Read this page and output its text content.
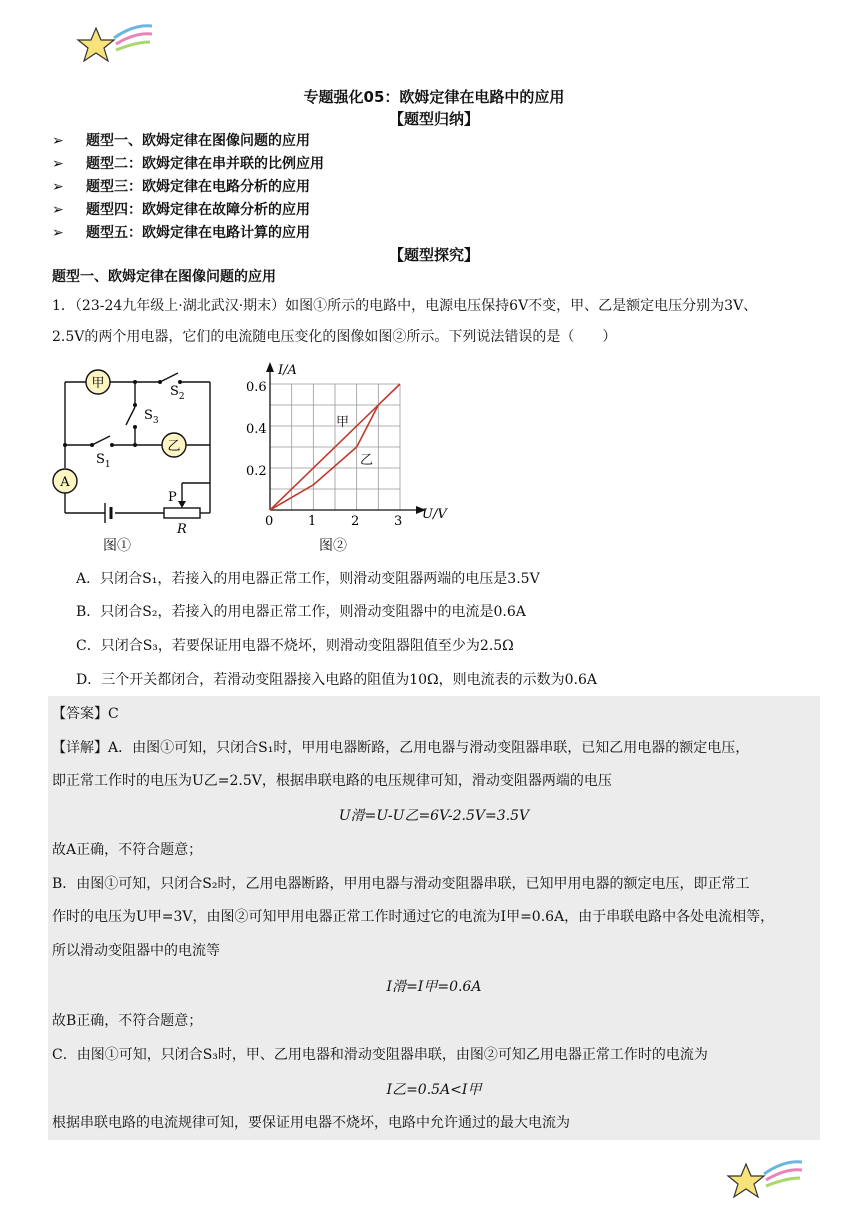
专题强化05：欧姆定律在电路中的应用
【题型归纳】
➢ 题型一、欧姆定律在图像问题的应用
➢ 题型二：欧姆定律在串并联的比例应用
➢ 题型三：欧姆定律在电路分析的应用
➢ 题型四：欧姆定律在故障分析的应用
➢ 题型五：欧姆定律在电路计算的应用
【题型探究】
题型一、欧姆定律在图像问题的应用
1．（23-24九年级上·湖北武汉·期末）如图①所示的电路中，电源电压保持6V不变，甲、乙是额定电压分别为3V、
2.5V的两个用电器，它们的电流随电压变化的图像如图②所示。下列说法错误的是（　　）
甲
乙
A
$S_2$
$S_3$
$S_1$
P
R
图①
I/A
U/V
0.6
0.4
0.2
0	1	2	3
甲
乙
图②
A．只闭合S₁，若接入的用电器正常工作，则滑动变阻器两端的电压是3.5V
B．只闭合S₂，若接入的用电器正常工作，则滑动变阻器中的电流是0.6A
C．只闭合S₃，若要保证用电器不烧坏，则滑动变阻器阻值至少为2.5Ω
D．三个开关都闭合，若滑动变阻器接入电路的阻值为10Ω，则电流表的示数为0.6A
【答案】C
【详解】A．由图①可知，只闭合S₁时，甲用电器断路，乙用电器与滑动变阻器串联，已知乙用电器的额定电压，
即正常工作时的电压为U乙=2.5V，根据串联电路的电压规律可知，滑动变阻器两端的电压
U滑=U-U乙=6V-2.5V=3.5V
故A正确，不符合题意；
B．由图①可知，只闭合S₂时，乙用电器断路，甲用电器与滑动变阻器串联，已知甲用电器的额定电压，即正常工
作时的电压为U甲=3V，由图②可知甲用电器正常工作时通过它的电流为I甲=0.6A，由于串联电路中各处电流相等，
所以滑动变阻器中的电流等
I滑=I甲=0.6A
故B正确，不符合题意；
C．由图①可知，只闭合S₃时，甲、乙用电器和滑动变阻器串联，由图②可知乙用电器正常工作时的电流为
I乙=0.5A<I甲
根据串联电路的电流规律可知，要保证用电器不烧坏，电路中允许通过的最大电流为
